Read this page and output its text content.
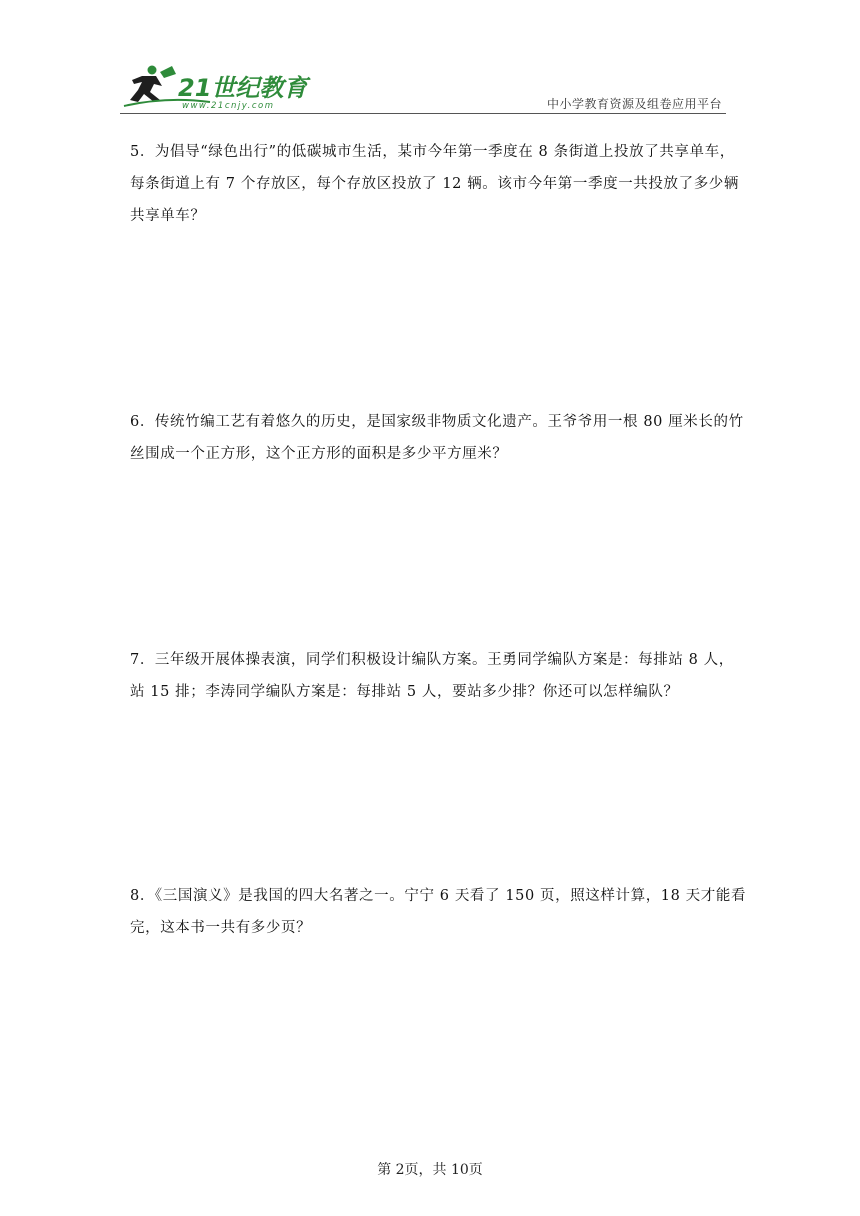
21世纪教育
www.21cnjy.com	中小学教育资源及组卷应用平台
5．为倡导“绿色出行”的低碳城市生活，某市今年第一季度在 8 条街道上投放了共享单车，
每条街道上有 7 个存放区，每个存放区投放了 12 辆。该市今年第一季度一共投放了多少辆
共享单车？
6．传统竹编工艺有着悠久的历史，是国家级非物质文化遗产。王爷爷用一根 80 厘米长的竹
丝围成一个正方形，这个正方形的面积是多少平方厘米？
7．三年级开展体操表演，同学们积极设计编队方案。王勇同学编队方案是：每排站 8 人，
站 15 排；李涛同学编队方案是：每排站 5 人，要站多少排？你还可以怎样编队？
8．《三国演义》是我国的四大名著之一。宁宁 6 天看了 150 页，照这样计算，18 天才能看
完，这本书一共有多少页？
第 2页，共 10页
